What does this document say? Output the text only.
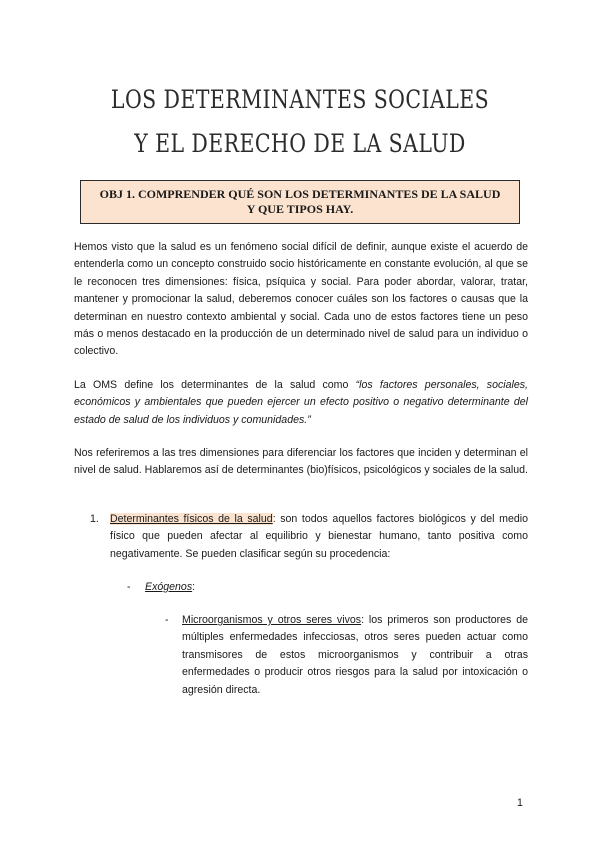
LOS DETERMINANTES SOCIALES
Y EL DERECHO DE LA SALUD
OBJ 1. COMPRENDER QUÉ SON LOS DETERMINANTES DE LA SALUD Y QUE TIPOS HAY.

Hemos visto que la salud es un fenómeno social difícil de definir, aunque existe el acuerdo de entenderla como un concepto construido socio históricamente en constante evolución, al que se le reconocen tres dimensiones: física, psíquica y social. Para poder abordar, valorar, tratar, mantener y promocionar la salud, deberemos conocer cuáles son los factores o causas que la determinan en nuestro contexto ambiental y social. Cada uno de estos factores tiene un peso más o menos destacado en la producción de un determinado nivel de salud para un individuo o colectivo.

La OMS define los determinantes de la salud como “los factores personales, sociales, económicos y ambientales que pueden ejercer un efecto positivo o negativo determinante del estado de salud de los individuos y comunidades.”

Nos referiremos a las tres dimensiones para diferenciar los factores que inciden y determinan el nivel de salud. Hablaremos así de determinantes (bio)físicos, psicológicos y sociales de la salud.

1.	Determinantes físicos de la salud: son todos aquellos factores biológicos y del medio físico que pueden afectar al equilibrio y bienestar humano, tanto positiva como negativamente. Se pueden clasificar según su procedencia:
- Exógenos:
- Microorganismos y otros seres vivos: los primeros son productores de múltiples enfermedades infecciosas, otros seres pueden actuar como transmisores de estos microorganismos y contribuir a otras enfermedades o producir otros riesgos para la salud por intoxicación o agresión directa.
1
